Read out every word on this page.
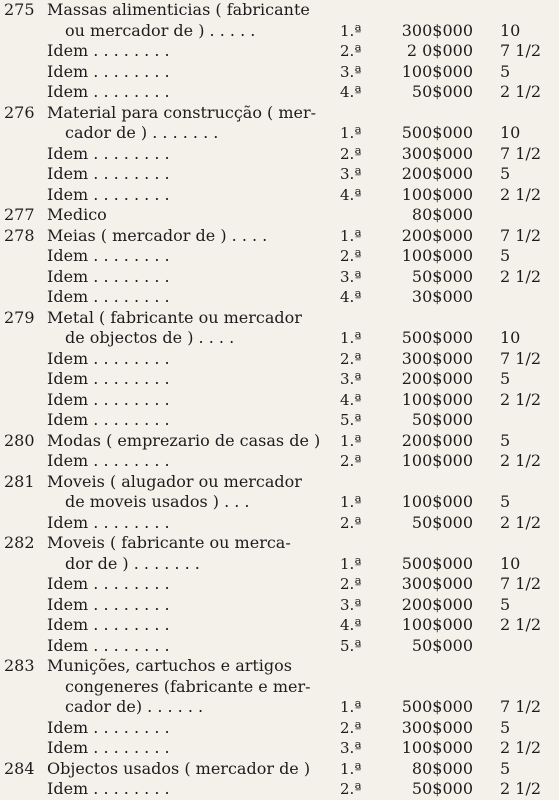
275 Massas alimenticias ( fabricante
ou mercador de ) . . . . .	1.ª	300$000 10
Idem . . . . . . . .	2.ª	2 0$000 7 1/2
Idem . . . . . . . .	3.ª	100$000 5
Idem . . . . . . . .	4.ª	50$000 2 1/2
276 Material para construcção ( mer-
cador de ) . . . . . . .	1.ª	500$000 10
Idem . . . . . . . .	2.ª	300$000 7 1/2
Idem . . . . . . . .	3.ª	200$000 5
Idem . . . . . . . .	4.ª	100$000 2 1/2
277 Medico	80$000
278 Meias ( mercador de ) . . . .	1.ª	200$000 7 1/2
Idem . . . . . . . .	2.ª	100$000 5
Idem . . . . . . . .	3.ª	50$000 2 1/2
Idem . . . . . . . .	4.ª	30$000
279 Metal ( fabricante ou mercador
de objectos de ) . . . .	1.ª	500$000 10
Idem . . . . . . . .	2.ª	300$000 7 1/2
Idem . . . . . . . .	3.ª	200$000 5
Idem . . . . . . . .	4.ª	100$000 2 1/2
Idem . . . . . . . .	5.ª	50$000
280 Modas ( emprezario de casas de )	1.ª	200$000 5
Idem . . . . . . . .	2.ª	100$000 2 1/2
281 Moveis ( alugador ou mercador
de moveis usados ) . . .	1.ª	100$000 5
Idem . . . . . . . .	2.ª	50$000 2 1/2
282 Moveis ( fabricante ou merca-
dor de ) . . . . . . .	1.ª	500$000 10
Idem . . . . . . . .	2.ª	300$000 7 1/2
Idem . . . . . . . .	3.ª	200$000 5
Idem . . . . . . . .	4.ª	100$000 2 1/2
Idem . . . . . . . .	5.ª	50$000
283 Munições, cartuchos e artigos
congeneres (fabricante e mer-
cador de) . . . . . .	1.ª	500$000 7 1/2
Idem . . . . . . . .	2.ª	300$000 5
Idem . . . . . . . .	3.ª	100$000 2 1/2
284 Objectos usados ( mercador de )	1.ª	80$000 5
Idem . . . . . . . .	2.ª	50$000 2 1/2
